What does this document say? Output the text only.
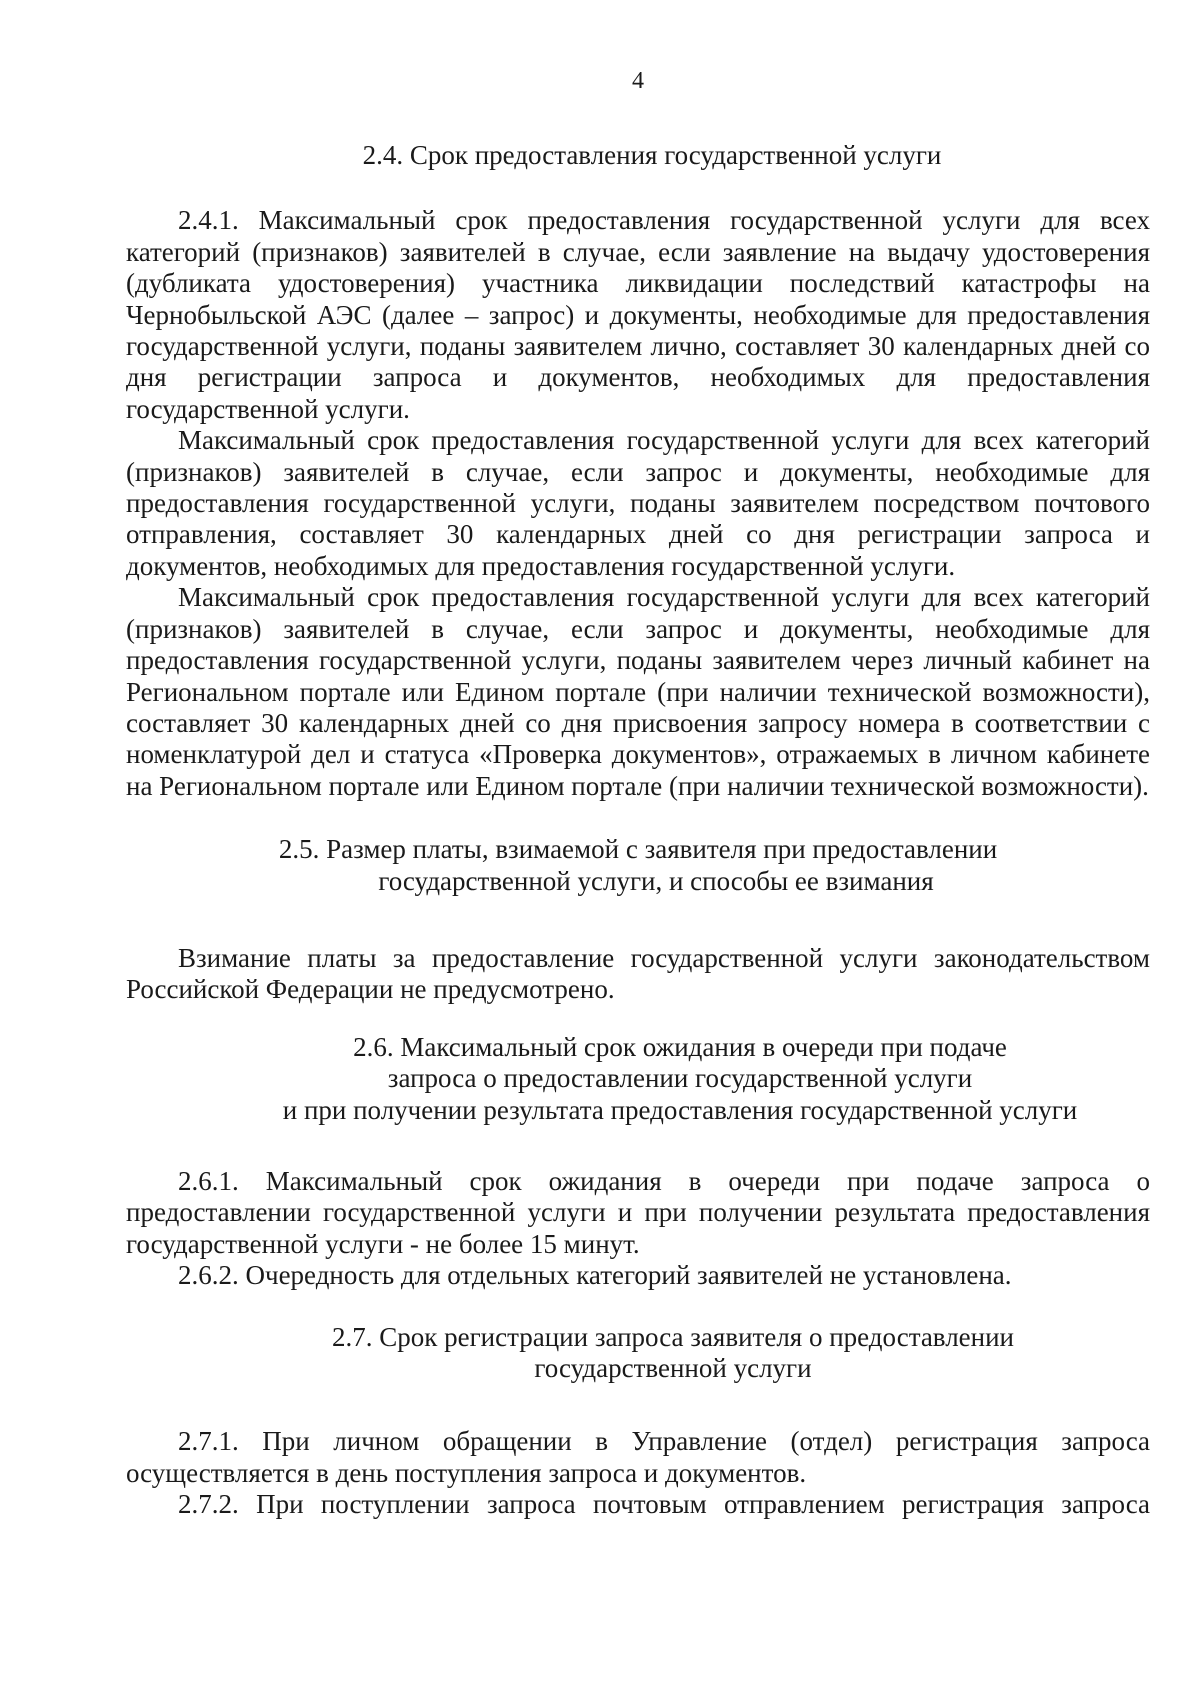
4
2.4. Срок предоставления государственной услуги

2.4.1. Максимальный срок предоставления государственной услуги для всех категорий (признаков) заявителей в случае, если заявление на выдачу удостоверения (дубликата удостоверения) участника ликвидации последствий катастрофы на Чернобыльской АЭС (далее – запрос) и документы, необходимые для предоставления государственной услуги, поданы заявителем лично, составляет 30 календарных дней со дня регистрации запроса и документов, необходимых для предоставления государственной услуги.

Максимальный срок предоставления государственной услуги для всех категорий (признаков) заявителей в случае, если запрос и документы, необходимые для предоставления государственной услуги, поданы заявителем посредством почтового отправления, составляет 30 календарных дней со дня регистрации запроса и документов, необходимых для предоставления государственной услуги.

Максимальный срок предоставления государственной услуги для всех категорий (признаков) заявителей в случае, если запрос и документы, необходимые для предоставления государственной услуги, поданы заявителем через личный кабинет на Региональном портале или Едином портале (при наличии технической возможности), составляет 30 календарных дней со дня присвоения запросу номера в соответствии с номенклатурой дел и статуса «Проверка документов», отражаемых в личном кабинете на Региональном портале или Едином портале (при наличии технической возможности).

2.5. Размер платы, взимаемой с заявителя при предоставлении
государственной услуги, и способы ее взимания

Взимание платы за предоставление государственной услуги законодательством Российской Федерации не предусмотрено.

2.6. Максимальный срок ожидания в очереди при подаче
запроса о предоставлении государственной услуги
и при получении результата предоставления государственной услуги

2.6.1. Максимальный срок ожидания в очереди при подаче запроса о предоставлении государственной услуги и при получении результата предоставления государственной услуги - не более 15 минут.

2.6.2. Очередность для отдельных категорий заявителей не установлена.

2.7. Срок регистрации запроса заявителя о предоставлении
государственной услуги

2.7.1. При личном обращении в Управление (отдел) регистрация запроса осуществляется в день поступления запроса и документов.

2.7.2. При поступлении запроса почтовым отправлением регистрация запроса
